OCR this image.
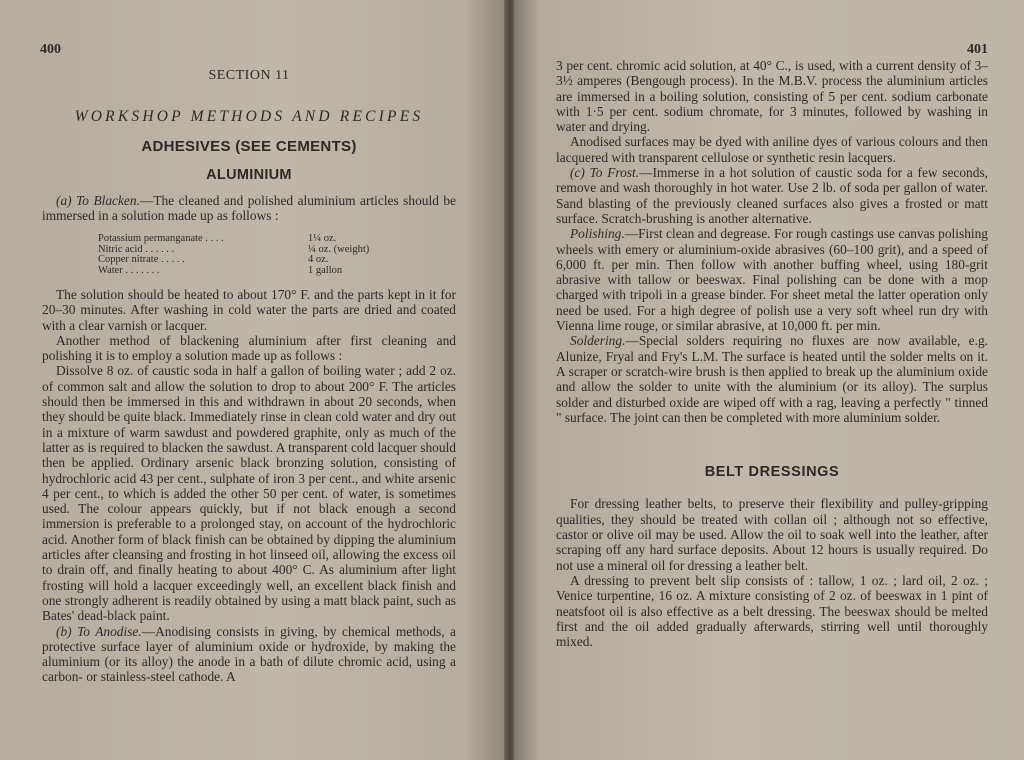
400
SECTION 11
WORKSHOP METHODS AND RECIPES
ADHESIVES (SEE CEMENTS)
ALUMINIUM

(a) To Blacken.—The cleaned and polished aluminium articles should be immersed in a solution made up as follows :

Potassium permanganate . . . .	1¼ oz.
Nitric acid . . . . . .	¼ oz. (weight)
Copper nitrate . . . . .	4 oz.
Water . . . . . . .	1 gallon

The solution should be heated to about 170° F. and the parts kept in it for 20–30 minutes. After washing in cold water the parts are dried and coated with a clear varnish or lacquer.

Another method of blackening aluminium after first cleaning and polishing it is to employ a solution made up as follows :

Dissolve 8 oz. of caustic soda in half a gallon of boiling water ; add 2 oz. of common salt and allow the solution to drop to about 200° F. The articles should then be immersed in this and withdrawn in about 20 seconds, when they should be quite black. Immediately rinse in clean cold water and dry out in a mixture of warm sawdust and powdered graphite, only as much of the latter as is required to blacken the sawdust. A transparent cold lacquer should then be applied. Ordinary arsenic black bronzing solution, consisting of hydrochloric acid 43 per cent., sulphate of iron 3 per cent., and white arsenic 4 per cent., to which is added the other 50 per cent. of water, is sometimes used. The colour appears quickly, but if not black enough a second immersion is preferable to a prolonged stay, on account of the hydrochloric acid. Another form of black finish can be obtained by dipping the aluminium articles after cleansing and frosting in hot linseed oil, allowing the excess oil to drain off, and finally heating to about 400° C. As aluminium after light frosting will hold a lacquer exceedingly well, an excellent black finish and one strongly adherent is readily obtained by using a matt black paint, such as Bates' dead-black paint.

(b) To Anodise.—Anodising consists in giving, by chemical methods, a protective surface layer of aluminium oxide or hydroxide, by making the aluminium (or its alloy) the anode in a bath of dilute chromic acid, using a carbon- or stainless-steel cathode. A

401

3 per cent. chromic acid solution, at 40° C., is used, with a current density of 3–3½ amperes (Bengough process). In the M.B.V. process the aluminium articles are immersed in a boiling solution, consisting of 5 per cent. sodium carbonate with 1·5 per cent. sodium chromate, for 3 minutes, followed by washing in water and drying.

Anodised surfaces may be dyed with aniline dyes of various colours and then lacquered with transparent cellulose or synthetic resin lacquers.

(c) To Frost.—Immerse in a hot solution of caustic soda for a few seconds, remove and wash thoroughly in hot water. Use 2 lb. of soda per gallon of water. Sand blasting of the previously cleaned surfaces also gives a frosted or matt surface. Scratch-brushing is another alternative.

Polishing.—First clean and degrease. For rough castings use canvas polishing wheels with emery or aluminium-oxide abrasives (60–100 grit), and a speed of 6,000 ft. per min. Then follow with another buffing wheel, using 180-grit abrasive with tallow or beeswax. Final polishing can be done with a mop charged with tripoli in a grease binder. For sheet metal the latter operation only need be used. For a high degree of polish use a very soft wheel run dry with Vienna lime rouge, or similar abrasive, at 10,000 ft. per min.

Soldering.—Special solders requiring no fluxes are now available, e.g. Alunize, Fryal and Fry's L.M. The surface is heated until the solder melts on it. A scraper or scratch-wire brush is then applied to break up the aluminium oxide and allow the solder to unite with the aluminium (or its alloy). The surplus solder and disturbed oxide are wiped off with a rag, leaving a perfectly " tinned " surface. The joint can then be completed with more aluminium solder.

BELT DRESSINGS

For dressing leather belts, to preserve their flexibility and pulley-gripping qualities, they should be treated with collan oil ; although not so effective, castor or olive oil may be used. Allow the oil to soak well into the leather, after scraping off any hard surface deposits. About 12 hours is usually required. Do not use a mineral oil for dressing a leather belt.

A dressing to prevent belt slip consists of : tallow, 1 oz. ; lard oil, 2 oz. ; Venice turpentine, 16 oz. A mixture consisting of 2 oz. of beeswax in 1 pint of neatsfoot oil is also effective as a belt dressing. The beeswax should be melted first and the oil added gradually afterwards, stirring well until thoroughly mixed.
